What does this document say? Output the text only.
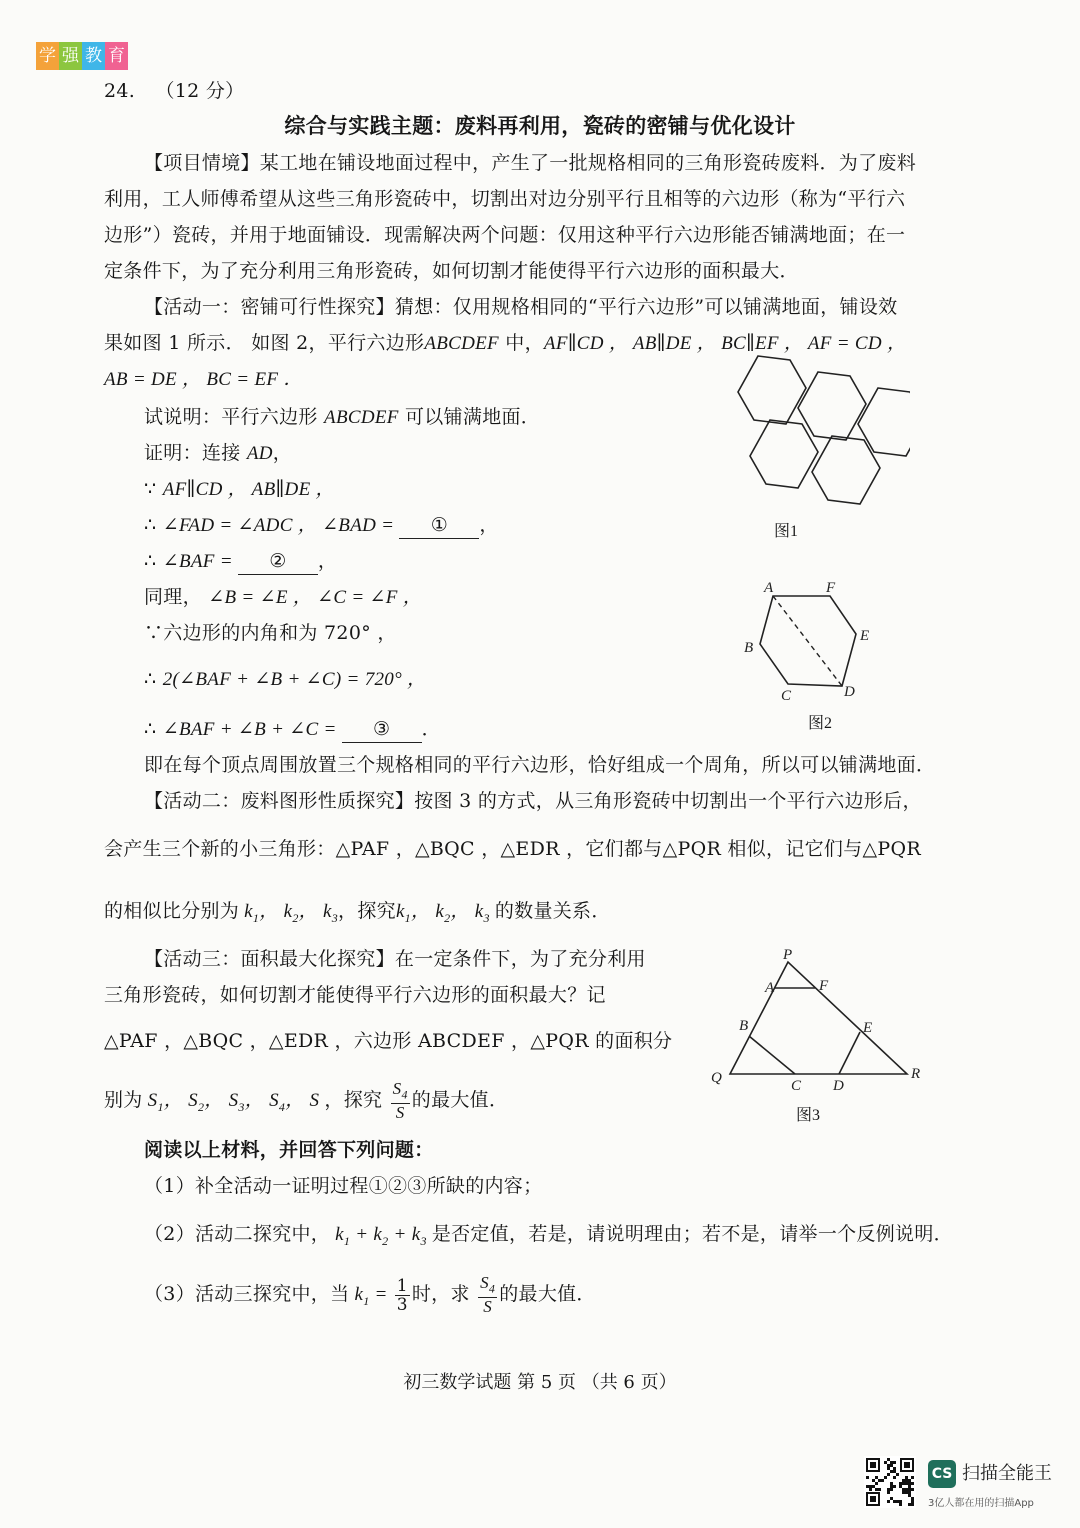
学 强 教 育
24. （12 分）
综合与实践主题：废料再利用，瓷砖的密铺与优化设计
【项目情境】某工地在铺设地面过程中，产生了一批规格相同的三角形瓷砖废料．为了废料
利用，工人师傅希望从这些三角形瓷砖中，切割出对边分别平行且相等的六边形（称为“平行六
边形”）瓷砖，并用于地面铺设．现需解决两个问题：仅用这种平行六边形能否铺满地面；在一
定条件下，为了充分利用三角形瓷砖，如何切割才能使得平行六边形的面积最大．
【活动一：密铺可行性探究】猜想：仅用规格相同的“平行六边形”可以铺满地面，铺设效
果如图 1 所示． 如图 2，平行六边形ABCDEF 中，AF∥CD ， AB∥DE ， BC∥EF ， AF = CD ，
AB = DE ， BC = EF ．
试说明：平行六边形 ABCDEF 可以铺满地面．
证明：连接 AD，
∵ AF∥CD ， AB∥DE ，
∴ ∠FAD = ∠ADC ， ∠BAD = ① ，
∴ ∠BAF = ② ，
同理， ∠B = ∠E ， ∠C = ∠F ，
∵六边形的内角和为 720° ，
∴ 2(∠BAF + ∠B + ∠C) = 720° ，
∴ ∠BAF + ∠B + ∠C = ③ ．
即在每个顶点周围放置三个规格相同的平行六边形，恰好组成一个周角，所以可以铺满地面．
【活动二：废料图形性质探究】按图 3 的方式，从三角形瓷砖中切割出一个平行六边形后，
会产生三个新的小三角形：△PAF ，△BQC ，△EDR ，它们都与△PQR 相似，记它们与△PQR
的相似比分别为 $k_1$， $k_2$， $k_3$，探究$k_1$， $k_2$， $k_3$ 的数量关系．
【活动三：面积最大化探究】在一定条件下，为了充分利用
三角形瓷砖，如何切割才能使得平行六边形的面积最大？记
△PAF ，△BQC ，△EDR ，六边形 ABCDEF ，△PQR 的面积分
别为 $S_1$， $S_2$， $S_3$， $S_4$， S ，探究 $\frac{S_4}{S}$ 的最大值．
阅读以上材料，并回答下列问题：
（1）补全活动一证明过程①②③所缺的内容；
（2）活动二探究中， $k_1 + k_2 + k_3$ 是否定值，若是，请说明理由；若不是，请举一个反例说明．
（3）活动三探究中，当 $k_1 = \frac{1}{3}$ 时，求 $\frac{S_4}{S}$ 的最大值．
图1
A	F
E
D
C
B
图2
P
A	F
B	E
Q	C D
R
图3
初三数学试题 第 5 页 （共 6 页）
CS 扫描全能王
3亿人都在用的扫描App
